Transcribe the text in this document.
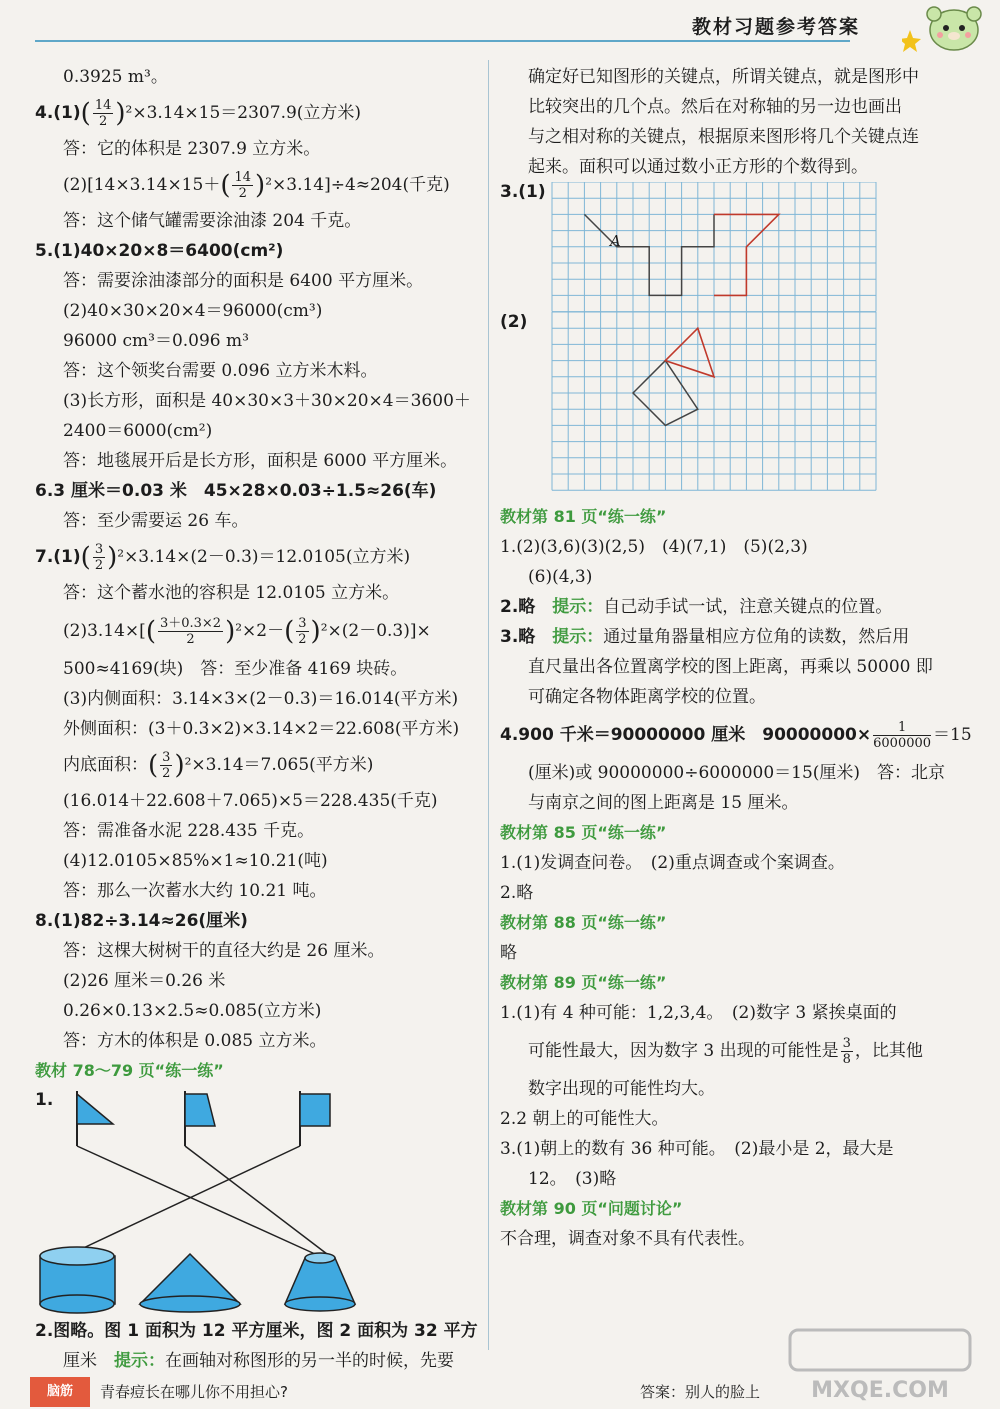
教材习题参考答案
0.3925 m³。
$4.(1)( \frac{14}{2} )^2\times 3.14\times 15=2307.9$(立方米)
答：它的体积是 2307.9 立方米。
$(2)[14\times 3.14\times 15+( \frac{14}{2} )^2\times 3.14]\div 4\approx 204$(千克)
答：这个储气罐需要涂油漆 204 千克。
5.(1)40×20×8＝6400(cm²)
答：需要涂油漆部分的面积是 6400 平方厘米。
(2)40×30×20×4＝96000(cm³)
96000 cm³＝0.096 m³
答：这个领奖台需要 0.096 立方米木料。
(3)长方形，面积是 40×30×3＋30×20×4＝3600＋
2400＝6000(cm²)
答：地毯展开后是长方形，面积是 6000 平方厘米。
6.3 厘米＝0.03 米　45×28×0.03÷1.5≈26(车)
答：至少需要运 26 车。
$7.(1)( \frac{3}{2} )^2\times 3.14\times(2-0.3)=12.0105$(立方米)
答：这个蓄水池的容积是 12.0105 立方米。
$(2)3.14\times[( \frac{3+0.3\times 2}{2} )^2\times 2-( \frac{3}{2} )^2\times(2-0.3)]\times$
500≈4169(块)　答：至少准备 4169 块砖。
(3)内侧面积：3.14×3×(2－0.3)＝16.014(平方米)
外侧面积：(3＋0.3×2)×3.14×2＝22.608(平方米)
内底面积：( $\frac{3}{2} )^2\times 3.14=7.065$(平方米)
(16.014＋22.608＋7.065)×5＝228.435(千克)
答：需准备水泥 228.435 千克。
(4)12.0105×85%×1≈10.21(吨)
答：那么一次蓄水大约 10.21 吨。
8.(1)82÷3.14≈26(厘米)
答：这棵大树树干的直径大约是 26 厘米。
(2)26 厘米＝0.26 米
0.26×0.13×2.5≈0.085(立方米)
答：方木的体积是 0.085 立方米。
教材 78～79 页“练一练”
1.
2.图略。图 1 面积为 12 平方厘米，图 2 面积为 32 平方
厘米　提示：在画轴对称图形的另一半的时候，先要
确定好已知图形的关键点，所谓关键点，就是图形中
比较突出的几个点。然后在对称轴的另一边也画出
与之相对称的关键点，根据原来图形将几个关键点连
起来。面积可以通过数小正方形的个数得到。
3.(1)
A
(2)
教材第 81 页“练一练”
1.(2)(3,6)(3)(2,5)　(4)(7,1)　(5)(2,3)
(6)(4,3)
2.略　提示：自己动手试一试，注意关键点的位置。
3.略　提示：通过量角器量相应方位角的读数，然后用
直尺量出各位置离学校的图上距离，再乘以 50000 即
可确定各物体距离学校的位置。
4.900 千米＝90000000 厘米　$90000000\times \frac{1}{6000000} =15$
(厘米)或 90000000÷6000000＝15(厘米)　答：北京
与南京之间的图上距离是 15 厘米。
教材第 85 页“练一练”
1.(1)发调查问卷。　(2)重点调查或个案调查。
2.略
教材第 88 页“练一练”
略
教材第 89 页“练一练”
1.(1)有 4 种可能：1,2,3,4。　(2)数字 3 紧挨桌面的
可能性最大，因为数字 3 出现的可能性是 $\frac{3}{8}$ ，比其他
数字出现的可能性均大。
2.2 朝上的可能性大。
3.(1)朝上的数有 36 种可能。　(2)最小是 2，最大是
12。　(3)略
教材第 90 页“问题讨论”
不合理，调查对象不具有代表性。
脑筋	青春痘长在哪儿你不用担心?	答案：别人的脸上 MXQE.COM
